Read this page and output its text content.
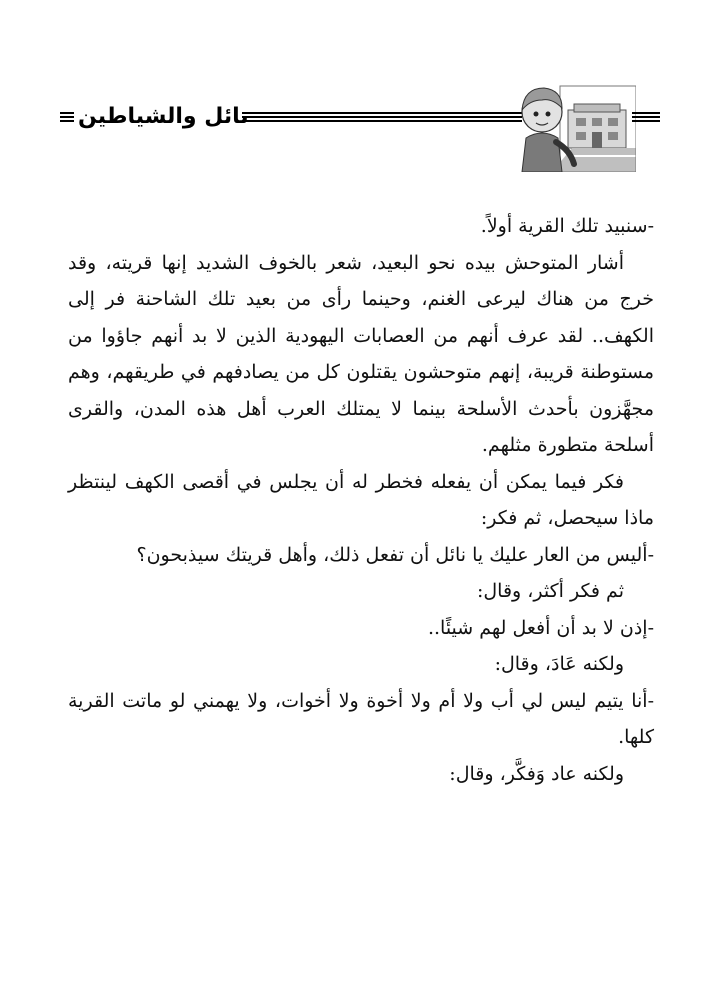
نائل والشياطين

-سنبيد تلك القرية أولاً.

أشار المتوحش بيده نحو البعيد، شعر بالخوف الشديد إنها قريته، وقد خرج من هناك ليرعى الغنم، وحينما رأى من بعيد تلك الشاحنة فر إلى الكهف.. لقد عرف أنهم من العصابات اليهودية الذين لا بد أنهم جاؤوا من مستوطنة قريبة، إنهم متوحشون يقتلون كل من يصادفهم في طريقهم، وهم مجهَّزون بأحدث الأسلحة بينما لا يمتلك العرب أهل هذه المدن، والقرى أسلحة متطورة مثلهم.

فكر فيما يمكن أن يفعله فخطر له أن يجلس في أقصى الكهف لينتظر ماذا سيحصل، ثم فكر:

-أليس من العار عليك يا نائل أن تفعل ذلك، وأهل قريتك سيذبحون؟

ثم فكر أكثر، وقال:

-إذن لا بد أن أفعل لهم شيئًا..

ولكنه عَادَ، وقال:

-أنا يتيم ليس لي أب ولا أم ولا أخوة ولا أخوات، ولا يهمني لو ماتت القرية كلها.

ولكنه عاد وَفكَّر، وقال:
